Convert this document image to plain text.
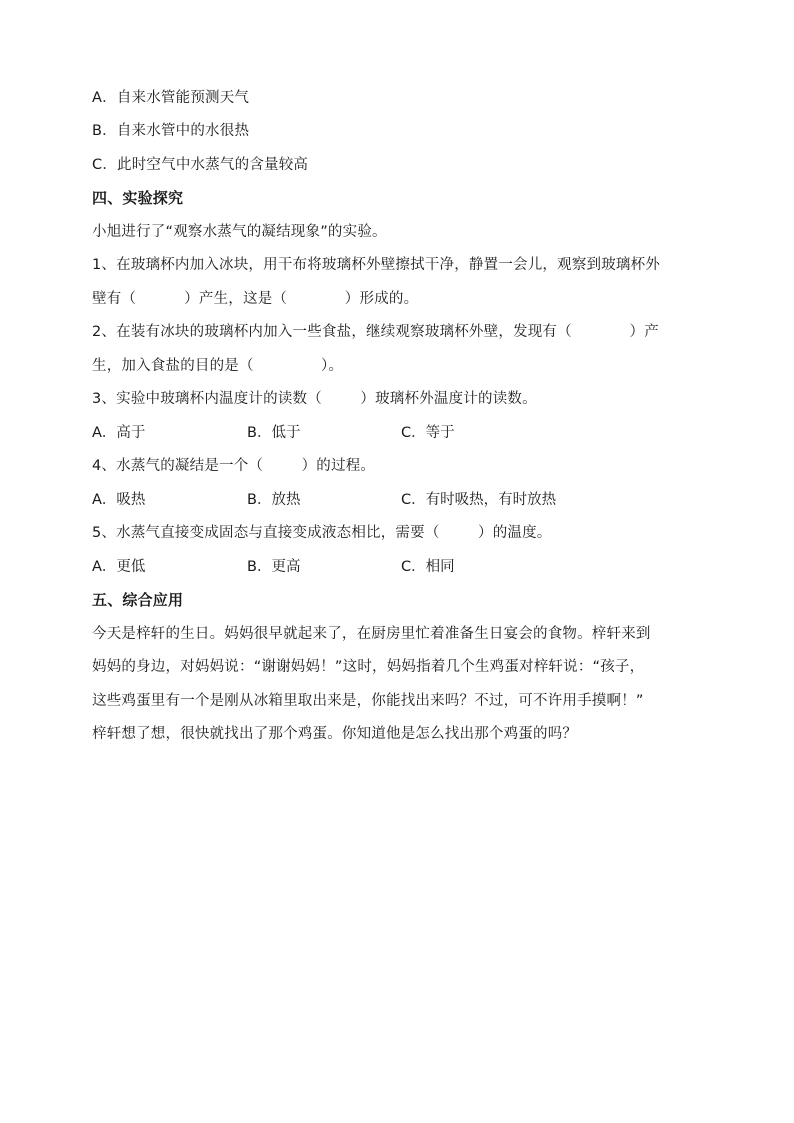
A．自来水管能预测天气
B．自来水管中的水很热
C．此时空气中水蒸气的含量较高
四、实验探究
小旭进行了“观察水蒸气的凝结现象”的实验。
1、在玻璃杯内加入冰块，用干布将玻璃杯外壁擦拭干净，静置一会儿，观察到玻璃杯外
壁有（          ）产生，这是（            ）形成的。
2、在装有冰块的玻璃杯内加入一些食盐，继续观察玻璃杯外壁，发现有（            ）产
生，加入食盐的目的是（              ）。
3、实验中玻璃杯内温度计的读数（        ）玻璃杯外温度计的读数。
A．高于	B．低于	C．等于
4、水蒸气的凝结是一个（        ）的过程。
A．吸热	B．放热	C．有时吸热，有时放热
5、水蒸气直接变成固态与直接变成液态相比，需要（        ）的温度。
A．更低	B．更高	C．相同
五、综合应用
今天是梓轩的生日。妈妈很早就起来了，在厨房里忙着准备生日宴会的食物。梓轩来到
妈妈的身边，对妈妈说：“谢谢妈妈！”这时，妈妈指着几个生鸡蛋对梓轩说：“孩子，
这些鸡蛋里有一个是刚从冰箱里取出来是，你能找出来吗？不过，可不许用手摸啊！”
梓轩想了想，很快就找出了那个鸡蛋。你知道他是怎么找出那个鸡蛋的吗？
